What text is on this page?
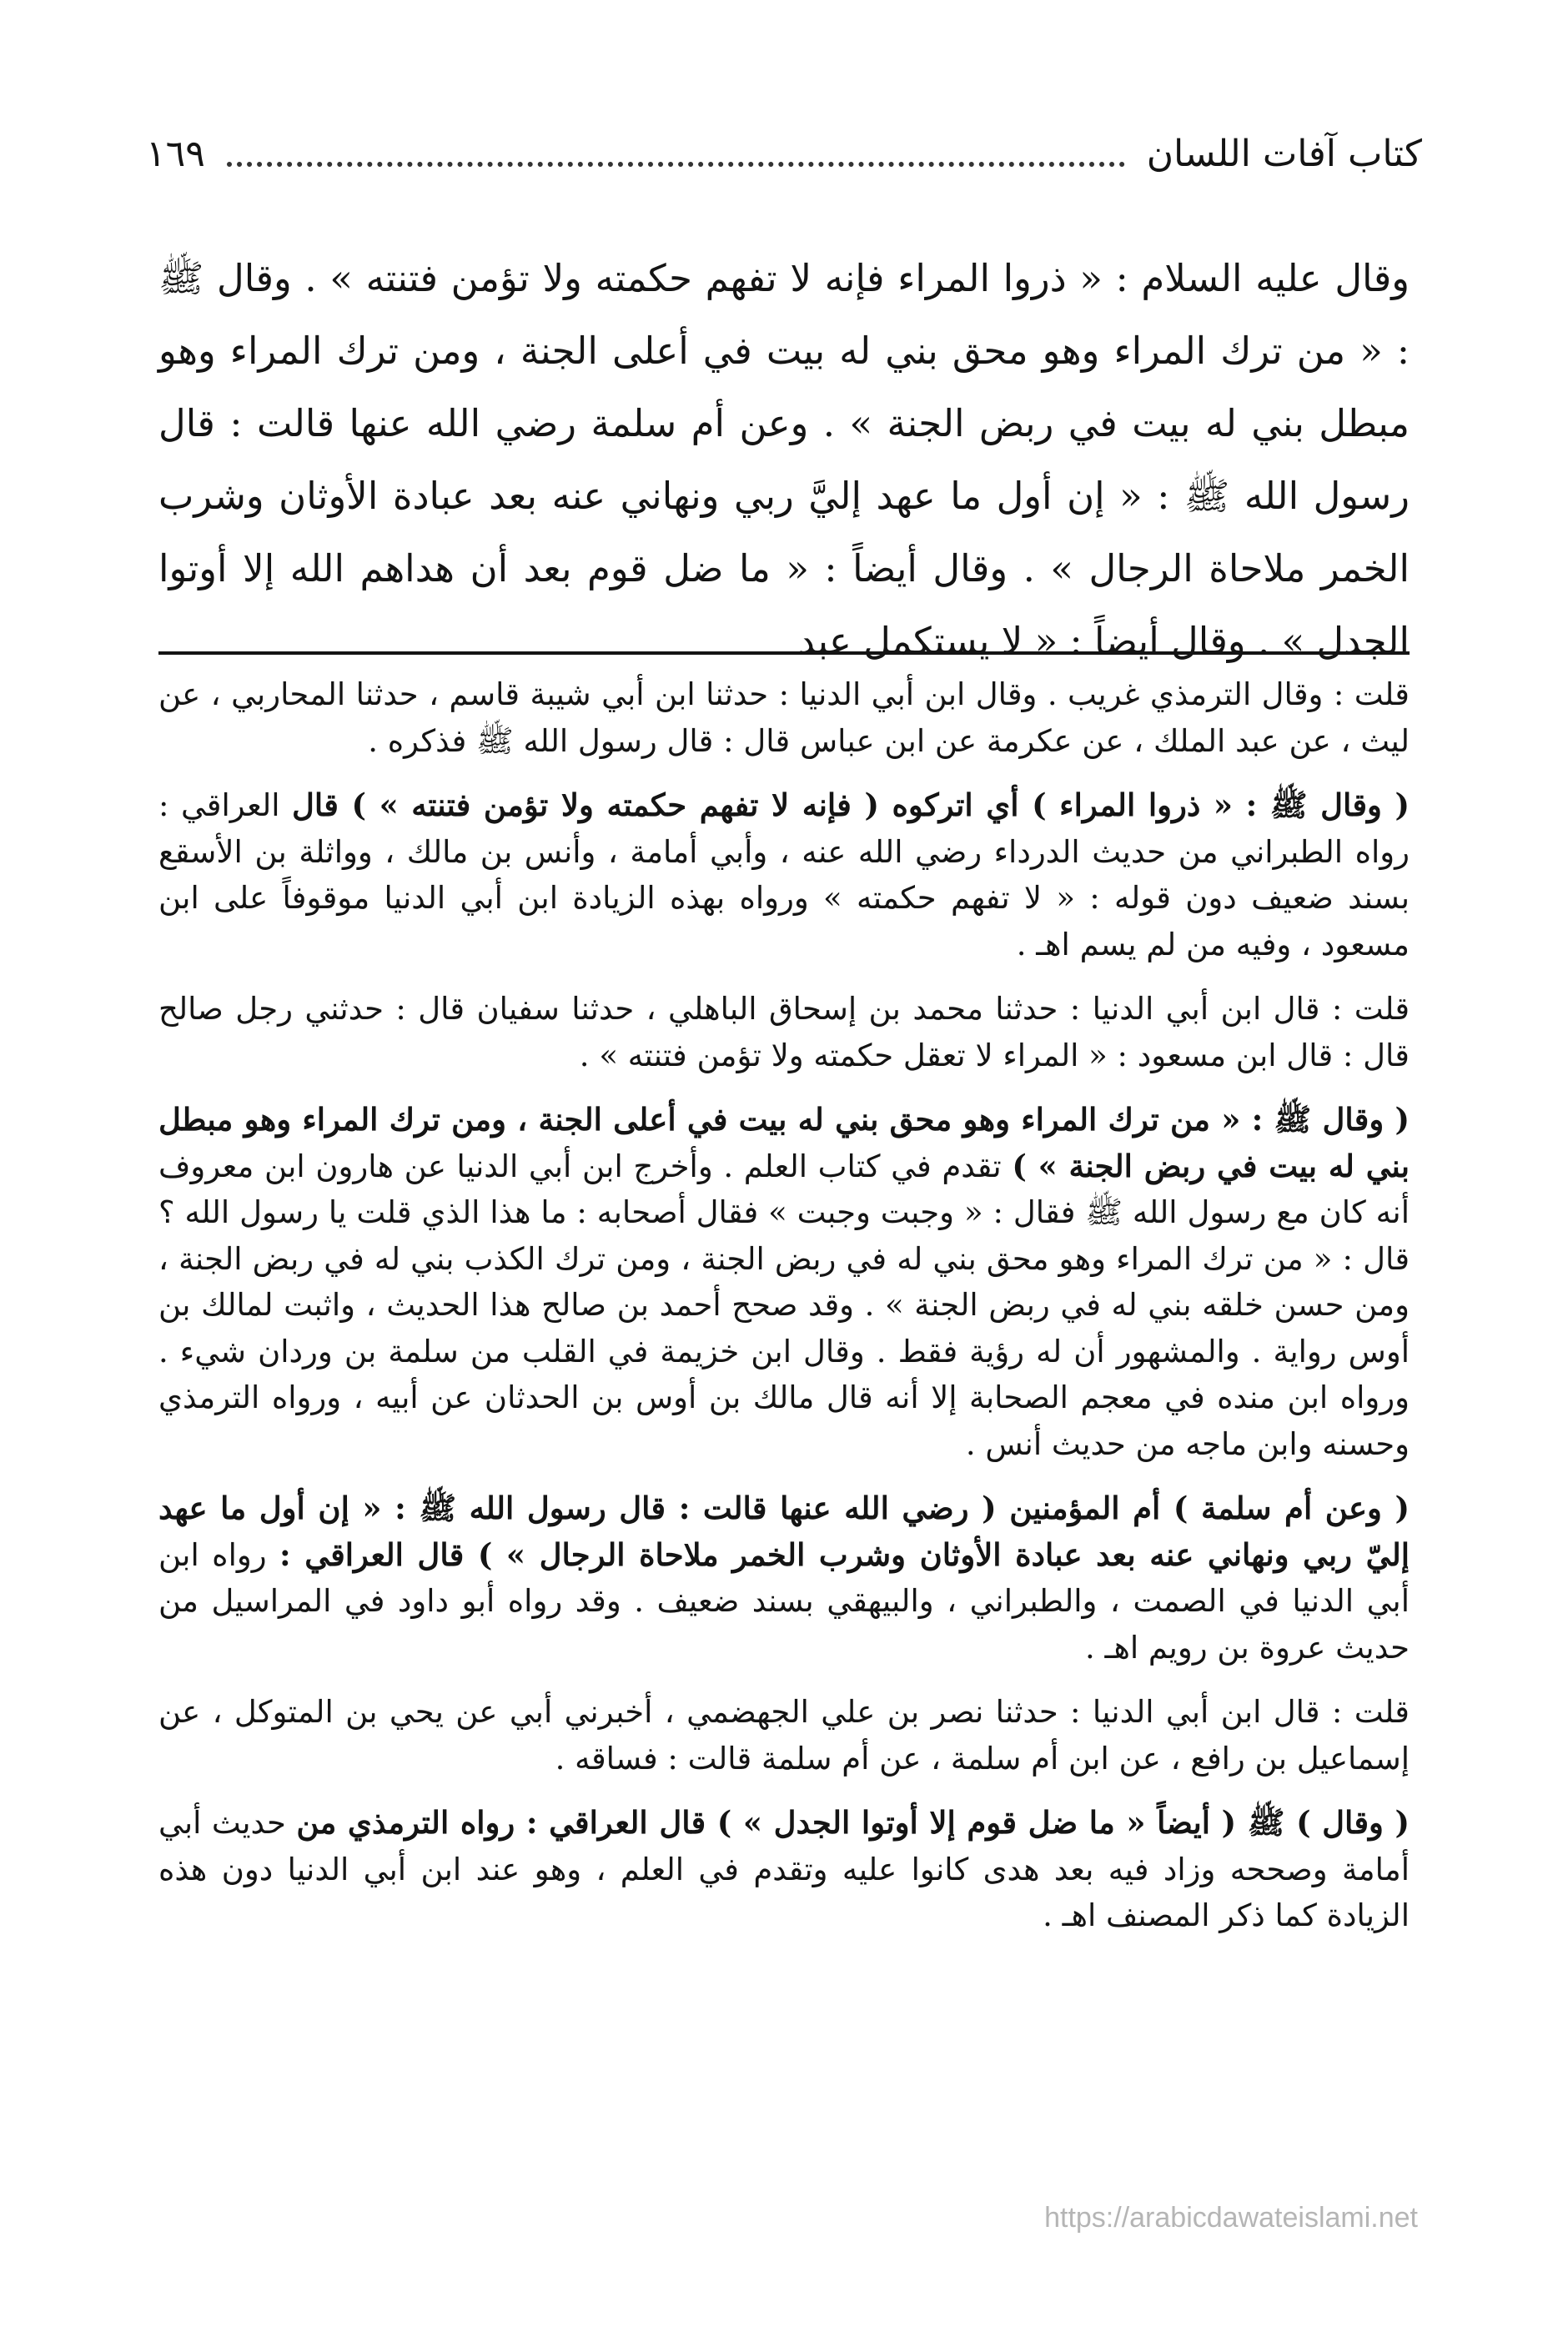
كتاب آفات اللسان
١٦٩

وقال عليه السلام : « ذروا المراء فإنه لا تفهم حكمته ولا تؤمن فتنته » . وقال ﷺ : « من ترك المراء وهو محق بني له بيت في أعلى الجنة ، ومن ترك المراء وهو مبطل بني له بيت في ربض الجنة » . وعن أم سلمة رضي الله عنها قالت : قال رسول الله ﷺ : « إن أول ما عهد إليَّ ربي ونهاني عنه بعد عبادة الأوثان وشرب الخمر ملاحاة الرجال » . وقال أيضاً : « ما ضل قوم بعد أن هداهم الله إلا أوتوا الجدل » . وقال أيضاً : « لا يستكمل عبد

قلت : وقال الترمذي غريب . وقال ابن أبي الدنيا : حدثنا ابن أبي شيبة قاسم ، حدثنا المحاربي ، عن ليث ، عن عبد الملك ، عن عكرمة عن ابن عباس قال : قال رسول الله ﷺ فذكره .

( وقال ﷺ : « ذروا المراء ) أي اتركوه ( فإنه لا تفهم حكمته ولا تؤمن فتنته » ) قال العراقي : رواه الطبراني من حديث الدرداء رضي الله عنه ، وأبي أمامة ، وأنس بن مالك ، وواثلة بن الأسقع بسند ضعيف دون قوله : « لا تفهم حكمته » ورواه بهذه الزيادة ابن أبي الدنيا موقوفاً على ابن مسعود ، وفيه من لم يسم اهـ .

قلت : قال ابن أبي الدنيا : حدثنا محمد بن إسحاق الباهلي ، حدثنا سفيان قال : حدثني رجل صالح قال : قال ابن مسعود : « المراء لا تعقل حكمته ولا تؤمن فتنته » .

( وقال ﷺ : « من ترك المراء وهو محق بني له بيت في أعلى الجنة ، ومن ترك المراء وهو مبطل بني له بيت في ربض الجنة » ) تقدم في كتاب العلم . وأخرج ابن أبي الدنيا عن هارون ابن معروف أنه كان مع رسول الله ﷺ فقال : « وجبت وجبت » فقال أصحابه : ما هذا الذي قلت يا رسول الله ؟ قال : « من ترك المراء وهو محق بني له في ربض الجنة ، ومن ترك الكذب بني له في ربض الجنة ، ومن حسن خلقه بني له في ربض الجنة » . وقد صحح أحمد بن صالح هذا الحديث ، واثبت لمالك بن أوس رواية . والمشهور أن له رؤية فقط . وقال ابن خزيمة في القلب من سلمة بن وردان شيء . ورواه ابن منده في معجم الصحابة إلا أنه قال مالك بن أوس بن الحدثان عن أبيه ، ورواه الترمذي وحسنه وابن ماجه من حديث أنس .

( وعن أم سلمة ) أم المؤمنين ( رضي الله عنها قالت : قال رسول الله ﷺ : « إن أول ما عهد إليّ ربي ونهاني عنه بعد عبادة الأوثان وشرب الخمر ملاحاة الرجال » ) قال العراقي : رواه ابن أبي الدنيا في الصمت ، والطبراني ، والبيهقي بسند ضعيف . وقد رواه أبو داود في المراسيل من حديث عروة بن رويم اهـ .

قلت : قال ابن أبي الدنيا : حدثنا نصر بن علي الجهضمي ، أخبرني أبي عن يحي بن المتوكل ، عن إسماعيل بن رافع ، عن ابن أم سلمة ، عن أم سلمة قالت : فساقه .

( وقال ) ﷺ ( أيضاً « ما ضل قوم إلا أوتوا الجدل » ) قال العراقي : رواه الترمذي من حديث أبي أمامة وصححه وزاد فيه بعد هدى كانوا عليه وتقدم في العلم ، وهو عند ابن أبي الدنيا دون هذه الزيادة كما ذكر المصنف اهـ .

https://arabicdawateislami.net
